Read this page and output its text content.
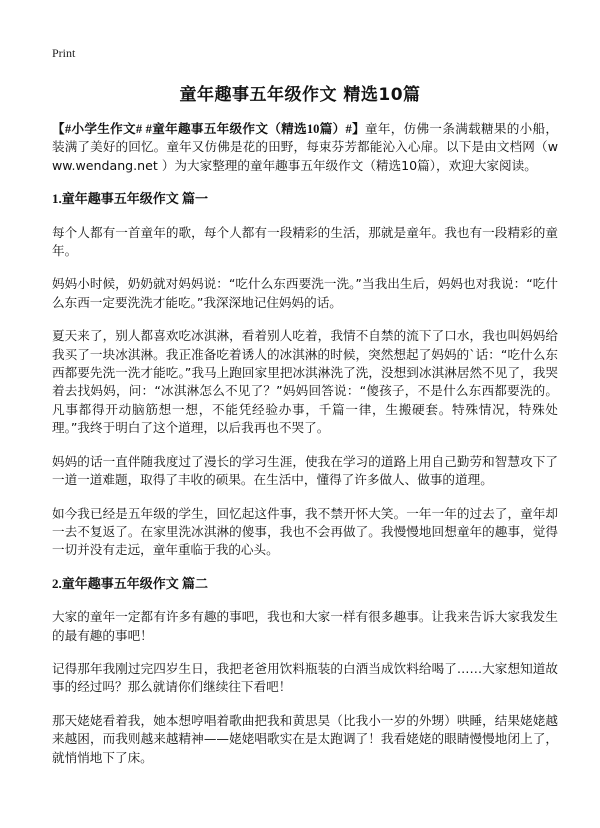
Print
童年趣事五年级作文 精选10篇

【#小学生作文# #童年趣事五年级作文（精选10篇）#】童年，仿佛一条满载糖果的小船，装满了美好的回忆。童年又仿佛是花的田野，每束芬芳都能沁入心扉。以下是由文档网（www.wendang.net ）为大家整理的童年趣事五年级作文（精选10篇），欢迎大家阅读。

1.童年趣事五年级作文 篇一

每个人都有一首童年的歌，每个人都有一段精彩的生活，那就是童年。我也有一段精彩的童年。

妈妈小时候，奶奶就对妈妈说：“吃什么东西要洗一洗。”当我出生后，妈妈也对我说：“吃什么东西一定要洗洗才能吃。”我深深地记住妈妈的话。

夏天来了，别人都喜欢吃冰淇淋，看着别人吃着，我情不自禁的流下了口水，我也叫妈妈给我买了一块冰淇淋。我正准备吃着诱人的冰淇淋的时候，突然想起了妈妈的`话：“吃什么东西都要先洗一洗才能吃。”我马上跑回家里把冰淇淋洗了洗，没想到冰淇淋居然不见了，我哭着去找妈妈，问：“冰淇淋怎么不见了？”妈妈回答说：“傻孩子，不是什么东西都要洗的。凡事都得开动脑筋想一想，不能凭经验办事，千篇一律，生搬硬套。特殊情况，特殊处理。”我终于明白了这个道理，以后我再也不哭了。

妈妈的话一直伴随我度过了漫长的学习生涯，使我在学习的道路上用自己勤劳和智慧攻下了一道一道难题，取得了丰收的硕果。在生活中，懂得了许多做人、做事的道理。

如今我已经是五年级的学生，回忆起这件事，我不禁开怀大笑。一年一年的过去了，童年却一去不复返了。在家里洗冰淇淋的傻事，我也不会再做了。我慢慢地回想童年的趣事，觉得一切并没有走远，童年重临于我的心头。

2.童年趣事五年级作文 篇二

大家的童年一定都有许多有趣的事吧，我也和大家一样有很多趣事。让我来告诉大家我发生的最有趣的事吧！

记得那年我刚过完四岁生日，我把老爸用饮料瓶装的白酒当成饮料给喝了……大家想知道故事的经过吗？那么就请你们继续往下看吧！

那天姥姥看着我，她本想哼唱着歌曲把我和黄思昊（比我小一岁的外甥）哄睡，结果姥姥越来越困，而我则越来越精神——姥姥唱歌实在是太跑调了！我看姥姥的眼睛慢慢地闭上了，就悄悄地下了床。
